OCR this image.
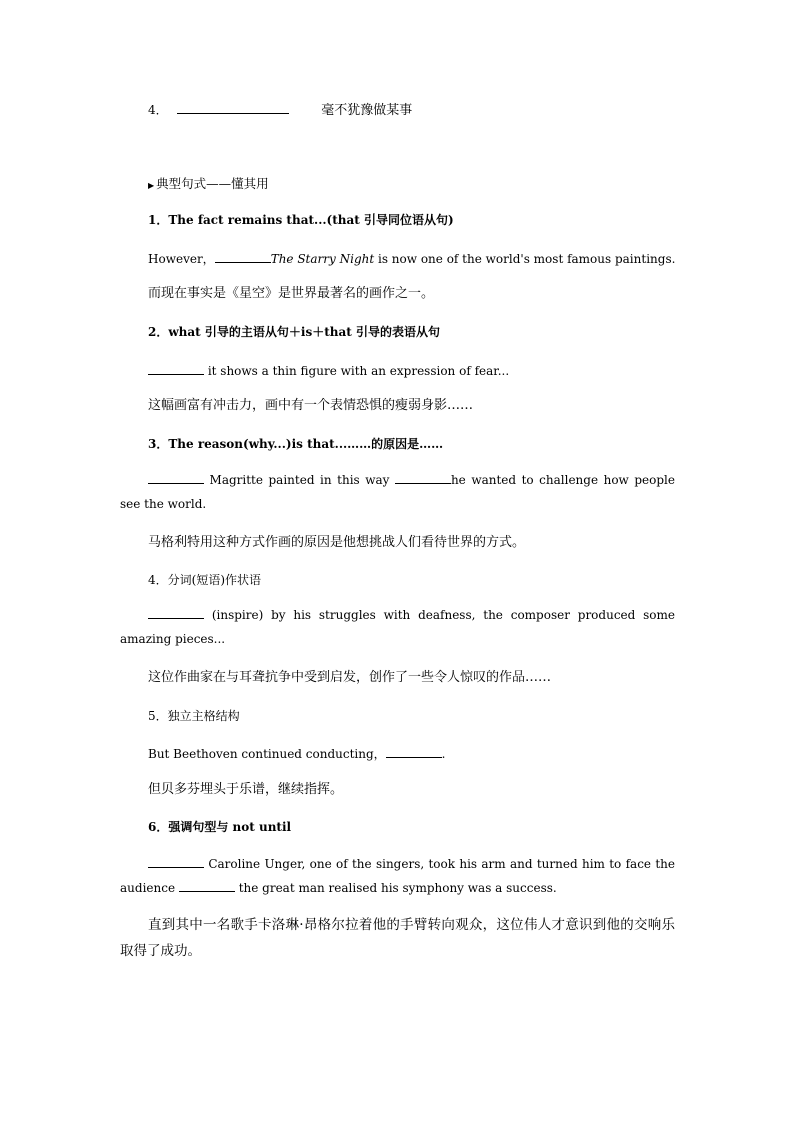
4．	毫不犹豫做某事
▶ 典型句式——懂其用
1．The fact remains that...(that 引导同位语从句)
However，	The Starry Night is now one of the world's most famous paintings.
而现在事实是《星空》是世界最著名的画作之一。
2．what 引导的主语从句＋is＋that 引导的表语从句
it shows a thin figure with an expression of fear...
这幅画富有冲击力，画中有一个表情恐惧的瘦弱身影……
3．The reason(why...)is that...……的原因是……
Magritte painted in this way	he wanted to challenge how people see the world.
马格利特用这种方式作画的原因是他想挑战人们看待世界的方式。
4．分词(短语)作状语
(inspire) by his struggles with deafness, the composer produced some amazing pieces...
这位作曲家在与耳聋抗争中受到启发，创作了一些令人惊叹的作品……
5．独立主格结构
But Beethoven continued conducting，	.
但贝多芬埋头于乐谱，继续指挥。
6．强调句型与 not until
Caroline Unger, one of the singers, took his arm and turned him to face the audience	the great man realised his symphony was a success.
直到其中一名歌手卡洛琳·昂格尔拉着他的手臂转向观众，这位伟人才意识到他的交响乐取得了成功。
